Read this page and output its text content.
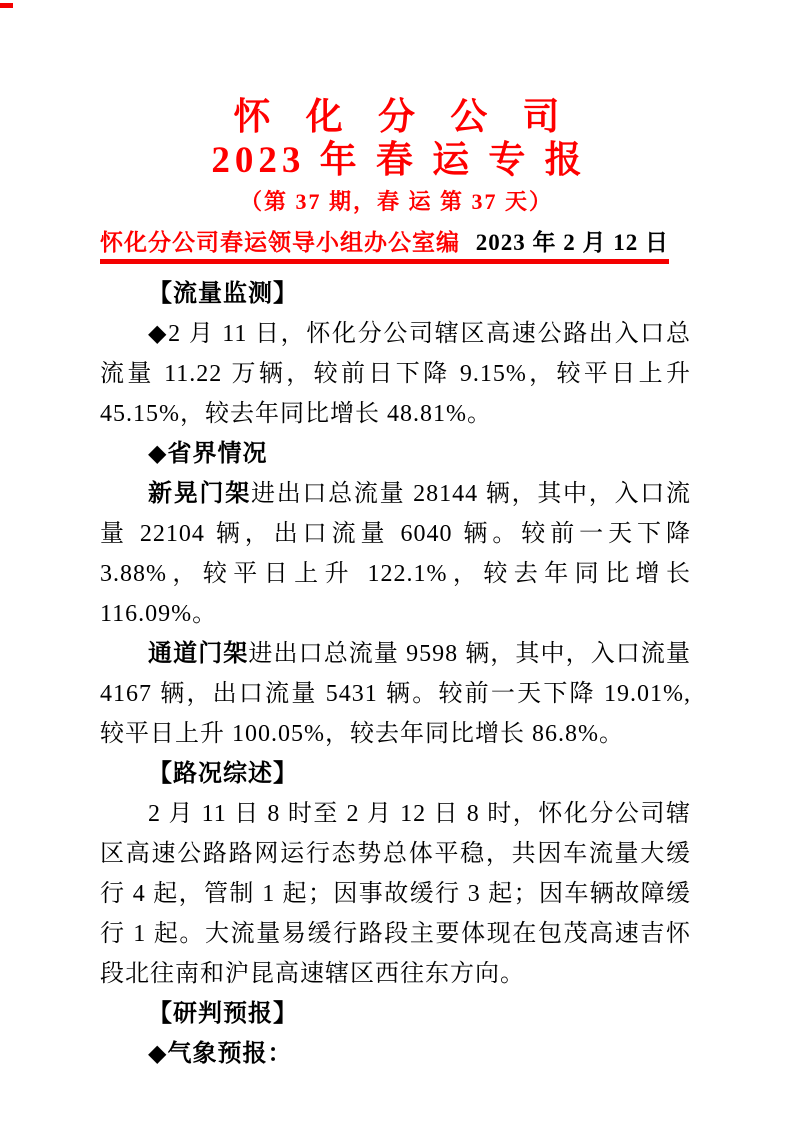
怀 化 分 公 司
2023 年 春 运 专 报
（第 37 期，春 运 第 37 天）
怀化分公司春运领导小组办公室编 2023 年 2 月 12 日
【流量监测】
◆2 月 11 日，怀化分公司辖区高速公路出入口总流量 11.22 万辆，较前日下降 9.15%，较平日上升 45.15%，较去年同比增长 48.81%。
◆省界情况
新晃门架进出口总流量 28144 辆，其中，入口流量 22104 辆，出口流量 6040 辆。较前一天下降 3.88%，较平日上升 122.1%，较去年同比增长 116.09%。
通道门架进出口总流量 9598 辆，其中，入口流量 4167 辆，出口流量 5431 辆。较前一天下降 19.01%,较平日上升 100.05%，较去年同比增长 86.8%。
【路况综述】
2 月 11 日 8 时至 2 月 12 日 8 时，怀化分公司辖区高速公路路网运行态势总体平稳，共因车流量大缓行 4 起，管制 1 起；因事故缓行 3 起；因车辆故障缓行 1 起。大流量易缓行路段主要体现在包茂高速吉怀段北往南和沪昆高速辖区西往东方向。
【研判预报】
◆气象预报：
